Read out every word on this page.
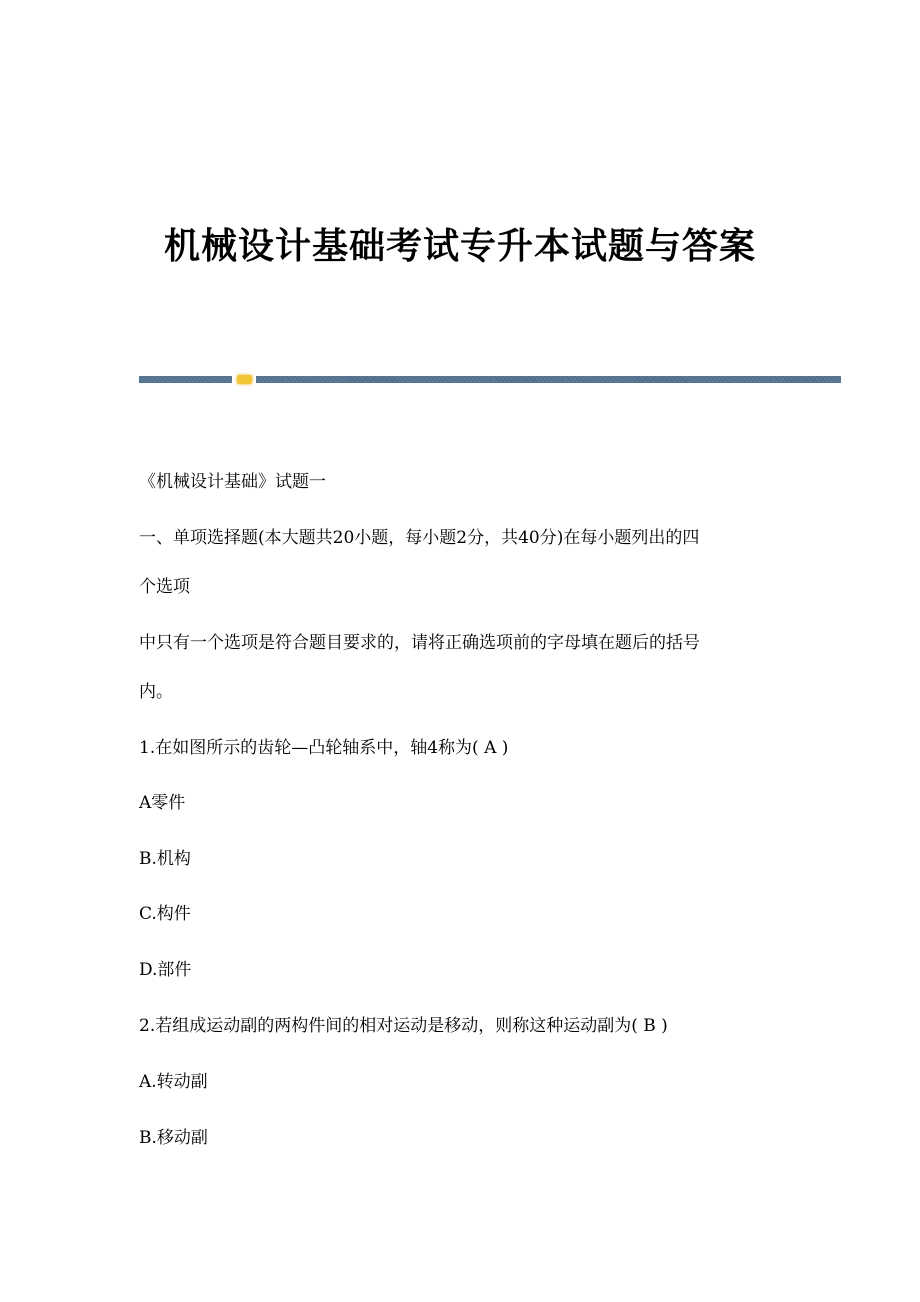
机械设计基础考试专升本试题与答案
《机械设计基础》试题一
一、单项选择题(本大题共20小题，每小题2分，共40分)在每小题列出的四
个选项
中只有一个选项是符合题目要求的，请将正确选项前的字母填在题后的括号
内。
1.在如图所示的齿轮—凸轮轴系中，轴4称为( A )
A零件
B.机构
C.构件
D.部件
2.若组成运动副的两构件间的相对运动是移动，则称这种运动副为( B )
A.转动副
B.移动副
